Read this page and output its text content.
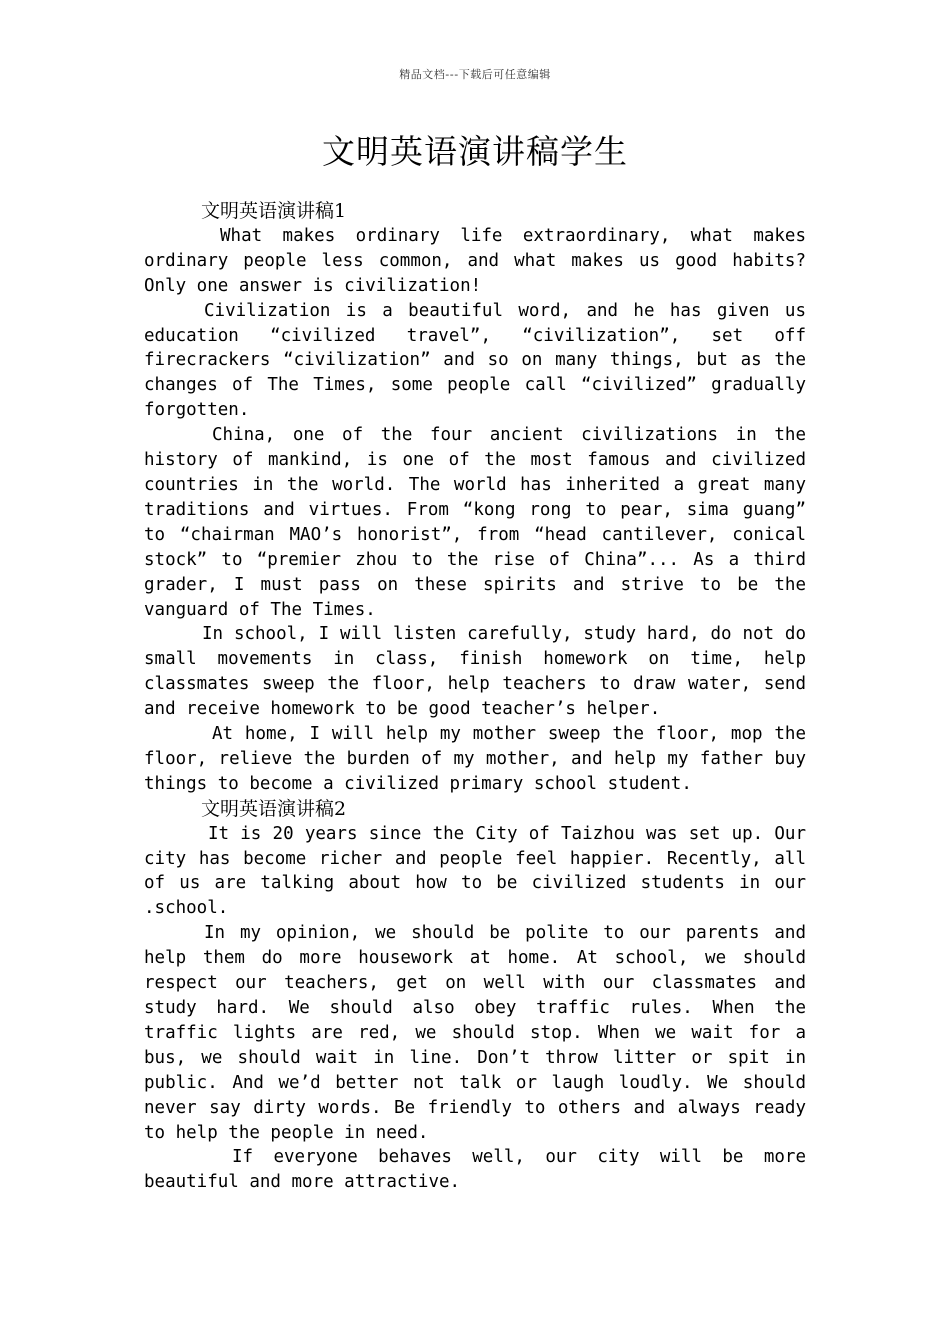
精品文档---下载后可任意编辑
文明英语演讲稿学生

文明英语演讲稿1

What makes ordinary life extraordinary, what makes ordinary people less common, and what makes us good habits? Only one answer is civilization!

Civilization is a beautiful word, and he has given us education “civilized travel”, “civilization”, set off firecrackers “civilization” and so on many things, but as the changes of The Times, some people call “civilized” gradually forgotten.

China, one of the four ancient civilizations in the history of mankind, is one of the most famous and civilized countries in the world. The world has inherited a great many traditions and virtues. From “kong rong to pear, sima guang” to “chairman MAO’s honorist”, from “head cantilever, conical stock” to “premier zhou to the rise of China”... As a third grader, I must pass on these spirits and strive to be the vanguard of The Times.

In school, I will listen carefully, study hard, do not do small movements in class, finish homework on time, help classmates sweep the floor, help teachers to draw water, send and receive homework to be good teacher’s helper.

At home, I will help my mother sweep the floor, mop the floor, relieve the burden of my mother, and help my father buy things to become a civilized primary school student.

文明英语演讲稿2

It is 20 years since the City of Taizhou was set up. Our city has become richer and people feel happier. Recently, all of us are talking about how to be civilized students in our .school.

In my opinion, we should be polite to our parents and help them do more housework at home. At school, we should respect our teachers, get on well with our classmates and study hard. We should also obey traffic rules. When the traffic lights are red, we should stop. When we wait for a bus, we should wait in line. Don’t throw litter or spit in public. And we’d better not talk or laugh loudly. We should never say dirty words. Be friendly to others and always ready to help the people in need.

If everyone behaves well, our city will be more beautiful and more attractive.
